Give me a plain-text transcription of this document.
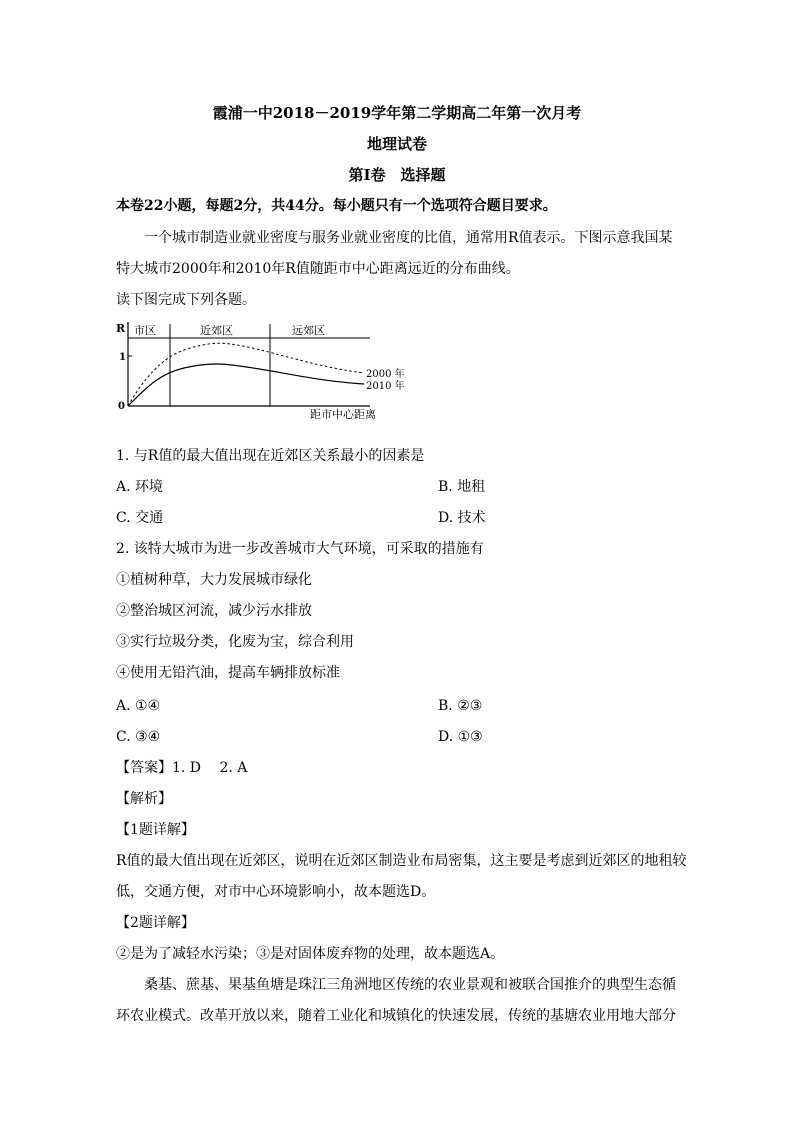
霞浦一中2018－2019学年第二学期高二年第一次月考
地理试卷
第Ⅰ卷　选择题
本卷22小题，每题2分，共44分。每小题只有一个选项符合题目要求。
一个城市制造业就业密度与服务业就业密度的比值，通常用R值表示。下图示意我国某
特大城市2000年和2010年R值随距市中心距离远近的分布曲线。
读下图完成下列各题。
R
1
0
市区	近郊区	远郊区
2000 年
2010 年
距市中心距离
1. 与R值的最大值出现在近郊区关系最小的因素是
A. 环境	B. 地租
C. 交通	D. 技术
2. 该特大城市为进一步改善城市大气环境，可采取的措施有
①植树种草，大力发展城市绿化
②整治城区河流，减少污水排放
③实行垃圾分类，化废为宝，综合利用
④使用无铅汽油，提高车辆排放标准
A. ①④	B. ②③
C. ③④	D. ①③
【答案】1. D　 2. A
【解析】
【1题详解】
R值的最大值出现在近郊区，说明在近郊区制造业布局密集，这主要是考虑到近郊区的地租较
低，交通方便，对市中心环境影响小，故本题选D。
【2题详解】
②是为了减轻水污染；③是对固体废弃物的处理，故本题选A。
桑基、蔗基、果基鱼塘是珠江三角洲地区传统的农业景观和被联合国推介的典型生态循
环农业模式。改革开放以来，随着工业化和城镇化的快速发展，传统的基塘农业用地大部分
